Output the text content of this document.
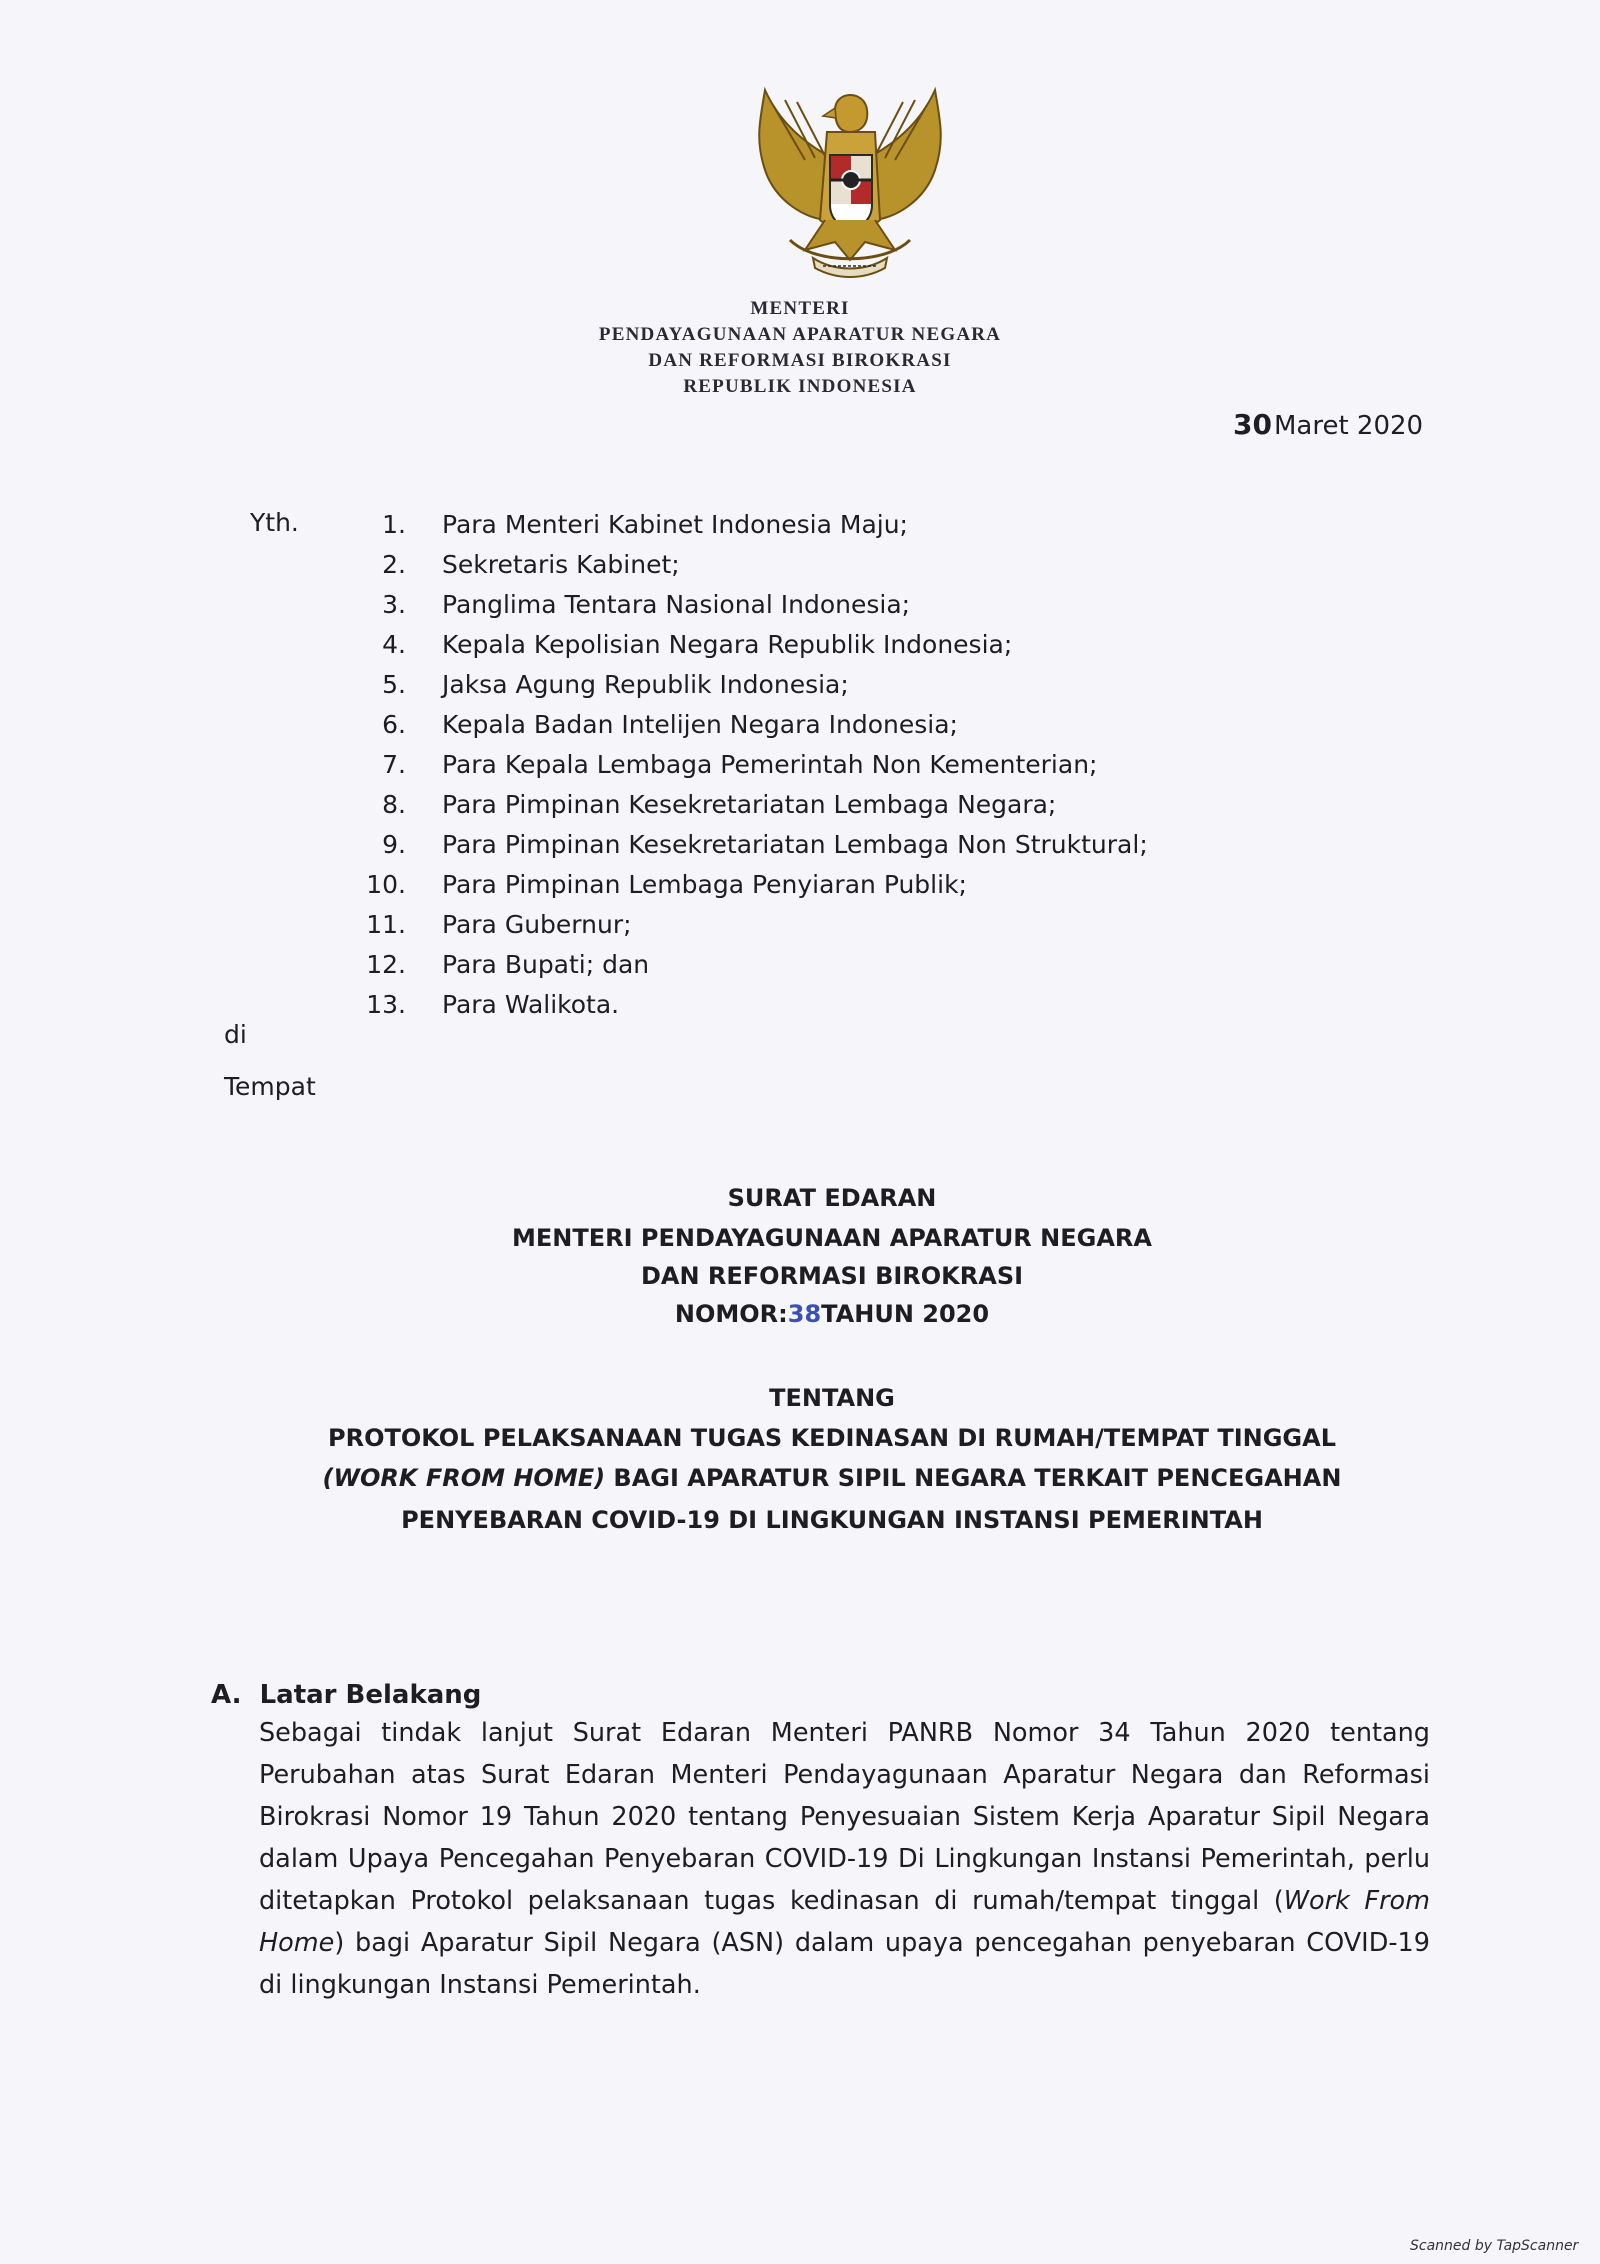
MENTERI
PENDAYAGUNAAN APARATUR NEGARA
DAN REFORMASI BIROKRASI
REPUBLIK INDONESIA
30Maret 2020
Yth.	1. Para Menteri Kabinet Indonesia Maju;
2. Sekretaris Kabinet;
3. Panglima Tentara Nasional Indonesia;
4. Kepala Kepolisian Negara Republik Indonesia;
5. Jaksa Agung Republik Indonesia;
6. Kepala Badan Intelijen Negara Indonesia;
7. Para Kepala Lembaga Pemerintah Non Kementerian;
8. Para Pimpinan Kesekretariatan Lembaga Negara;
9. Para Pimpinan Kesekretariatan Lembaga Non Struktural;
10. Para Pimpinan Lembaga Penyiaran Publik;
11. Para Gubernur;
12. Para Bupati; dan
13. Para Walikota.
di
Tempat
SURAT EDARAN
MENTERI PENDAYAGUNAAN APARATUR NEGARA
DAN REFORMASI BIROKRASI
NOMOR:38TAHUN 2020
TENTANG
PROTOKOL PELAKSANAAN TUGAS KEDINASAN DI RUMAH/TEMPAT TINGGAL
(WORK FROM HOME) BAGI APARATUR SIPIL NEGARA TERKAIT PENCEGAHAN
PENYEBARAN COVID-19 DI LINGKUNGAN INSTANSI PEMERINTAH
A.  Latar Belakang
Sebagai tindak lanjut Surat Edaran Menteri PANRB Nomor 34 Tahun 2020 tentang Perubahan atas Surat Edaran Menteri Pendayagunaan Aparatur Negara dan Reformasi Birokrasi Nomor 19 Tahun 2020 tentang Penyesuaian Sistem Kerja Aparatur Sipil Negara dalam Upaya Pencegahan Penyebaran COVID-19 Di Lingkungan Instansi Pemerintah, perlu ditetapkan Protokol pelaksanaan tugas kedinasan di rumah/tempat tinggal (Work From Home) bagi Aparatur Sipil Negara (ASN) dalam upaya pencegahan penyebaran COVID-19 di lingkungan Instansi Pemerintah.
Scanned by TapScanner
